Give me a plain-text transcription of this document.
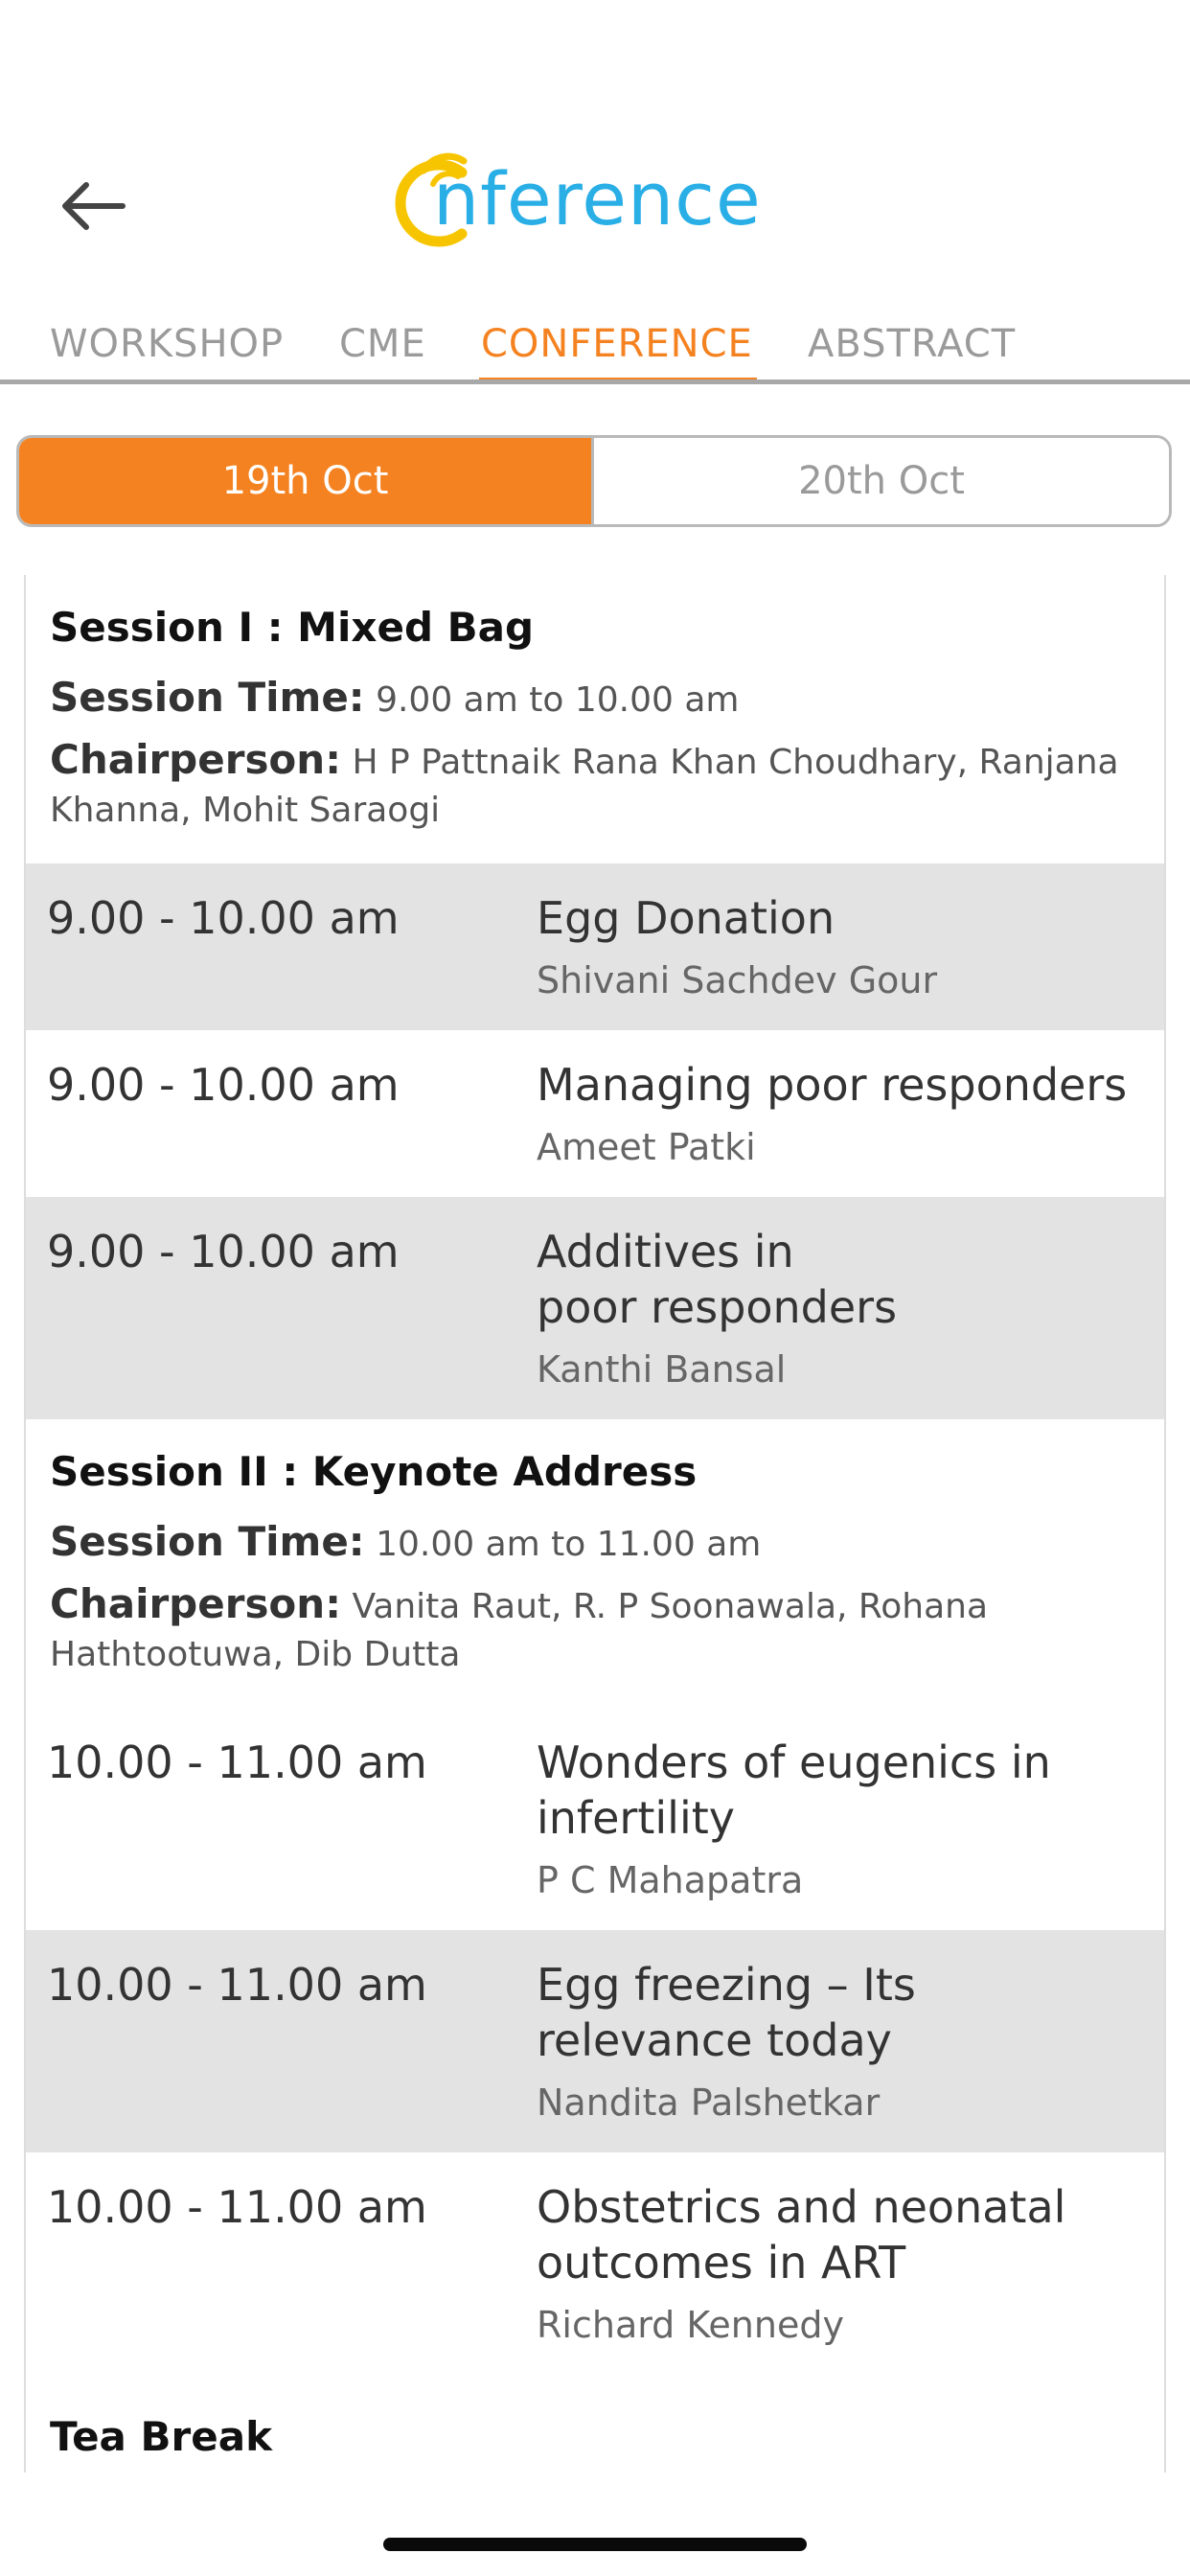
nference
WORKSHOP CME CONFERENCE ABSTRACT
19th Oct	20th Oct
Session I : Mixed Bag
Session Time: 9.00 am to 10.00 am
Chairperson: H P Pattnaik Rana Khan Choudhary, Ranjana Khanna, Mohit Saraogi
9.00 - 10.00 am	Egg Donation
Shivani Sachdev Gour
9.00 - 10.00 am	Managing poor responders
Ameet Patki
9.00 - 10.00 am	Additives in
poor responders
Kanthi Bansal
Session II : Keynote Address
Session Time: 10.00 am to 11.00 am
Chairperson: Vanita Raut, R. P Soonawala, Rohana Hathtootuwa, Dib Dutta
10.00 - 11.00 am Wonders of eugenics in
infertility
P C Mahapatra
10.00 - 11.00 am Egg freezing – Its
relevance today
Nandita Palshetkar
10.00 - 11.00 am Obstetrics and neonatal
outcomes in ART
Richard Kennedy
Tea Break
